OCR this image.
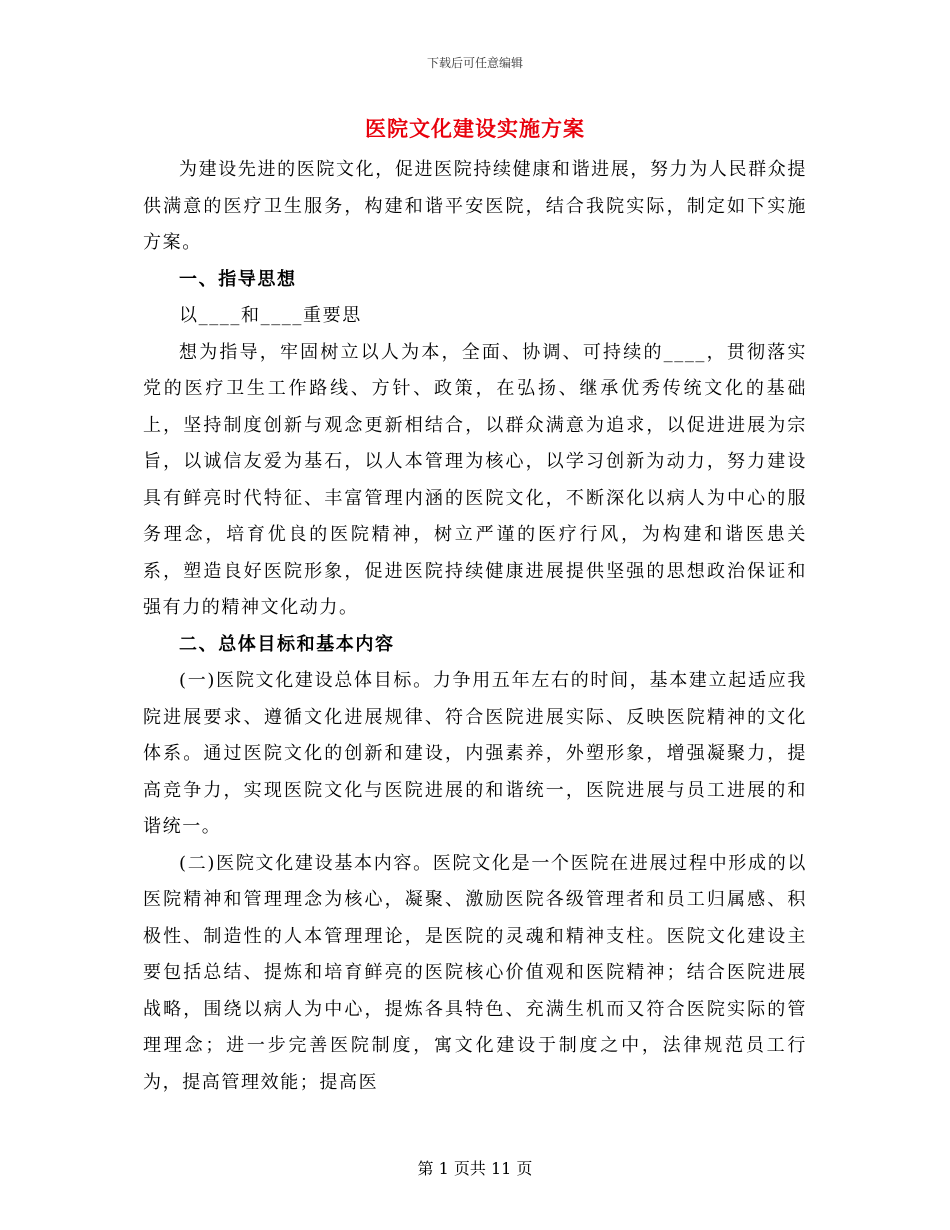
下载后可任意编辑
医院文化建设实施方案

为建设先进的医院文化，促进医院持续健康和谐进展，努力为人民群众提供满意的医疗卫生服务，构建和谐平安医院，结合我院实际，制定如下实施方案。

一、指导思想

以____和____重要思

想为指导，牢固树立以人为本，全面、协调、可持续的____，贯彻落实党的医疗卫生工作路线、方针、政策，在弘扬、继承优秀传统文化的基础上，坚持制度创新与观念更新相结合，以群众满意为追求，以促进进展为宗旨，以诚信友爱为基石，以人本管理为核心，以学习创新为动力，努力建设具有鲜亮时代特征、丰富管理内涵的医院文化，不断深化以病人为中心的服务理念，培育优良的医院精神，树立严谨的医疗行风，为构建和谐医患关系，塑造良好医院形象，促进医院持续健康进展提供坚强的思想政治保证和强有力的精神文化动力。

二、总体目标和基本内容

(一)医院文化建设总体目标。力争用五年左右的时间，基本建立起适应我院进展要求、遵循文化进展规律、符合医院进展实际、反映医院精神的文化体系。通过医院文化的创新和建设，内强素养，外塑形象，增强凝聚力，提高竞争力，实现医院文化与医院进展的和谐统一，医院进展与员工进展的和谐统一。

(二)医院文化建设基本内容。医院文化是一个医院在进展过程中形成的以医院精神和管理理念为核心，凝聚、激励医院各级管理者和员工归属感、积极性、制造性的人本管理理论，是医院的灵魂和精神支柱。医院文化建设主要包括总结、提炼和培育鲜亮的医院核心价值观和医院精神；结合医院进展战略，围绕以病人为中心，提炼各具特色、充满生机而又符合医院实际的管理理念；进一步完善医院制度，寓文化建设于制度之中，法律规范员工行为，提高管理效能；提高医

第 1 页共 11 页
